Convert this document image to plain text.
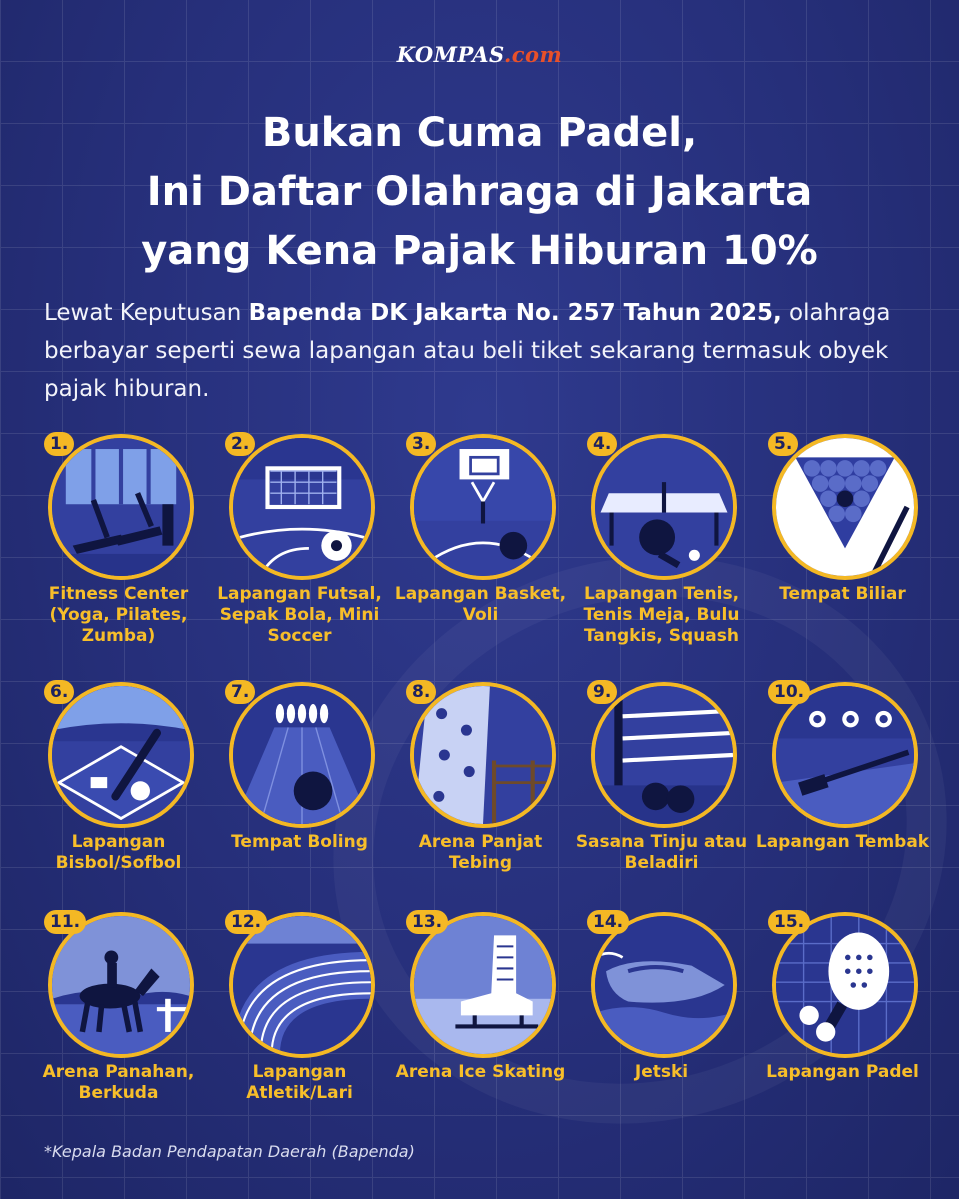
KOMPAS.com
Bukan Cuma Padel,
Ini Daftar Olahraga di Jakarta
yang Kena Pajak Hiburan 10%
Lewat Keputusan Bapenda DK Jakarta No. 257 Tahun 2025, olahraga berbayar seperti sewa lapangan atau beli tiket sekarang termasuk obyek pajak hiburan.
1.
Fitness Center (Yoga, Pilates, Zumba)
2.
Lapangan Futsal, Sepak Bola, Mini Soccer
3.
Lapangan Basket, Voli
4.
Lapangan Tenis, Tenis Meja, Bulu Tangkis, Squash
5.
Tempat Biliar
6.
Lapangan Bisbol/Sofbol
7.
Tempat Boling
8.
Arena Panjat Tebing
9.
Sasana Tinju atau Beladiri
10.
Lapangan Tembak
11.
Arena Panahan, Berkuda
12.
Lapangan Atletik/Lari
13.
Arena Ice Skating
14.
Jetski
15.
Lapangan Padel
*Kepala Badan Pendapatan Daerah (Bapenda)
